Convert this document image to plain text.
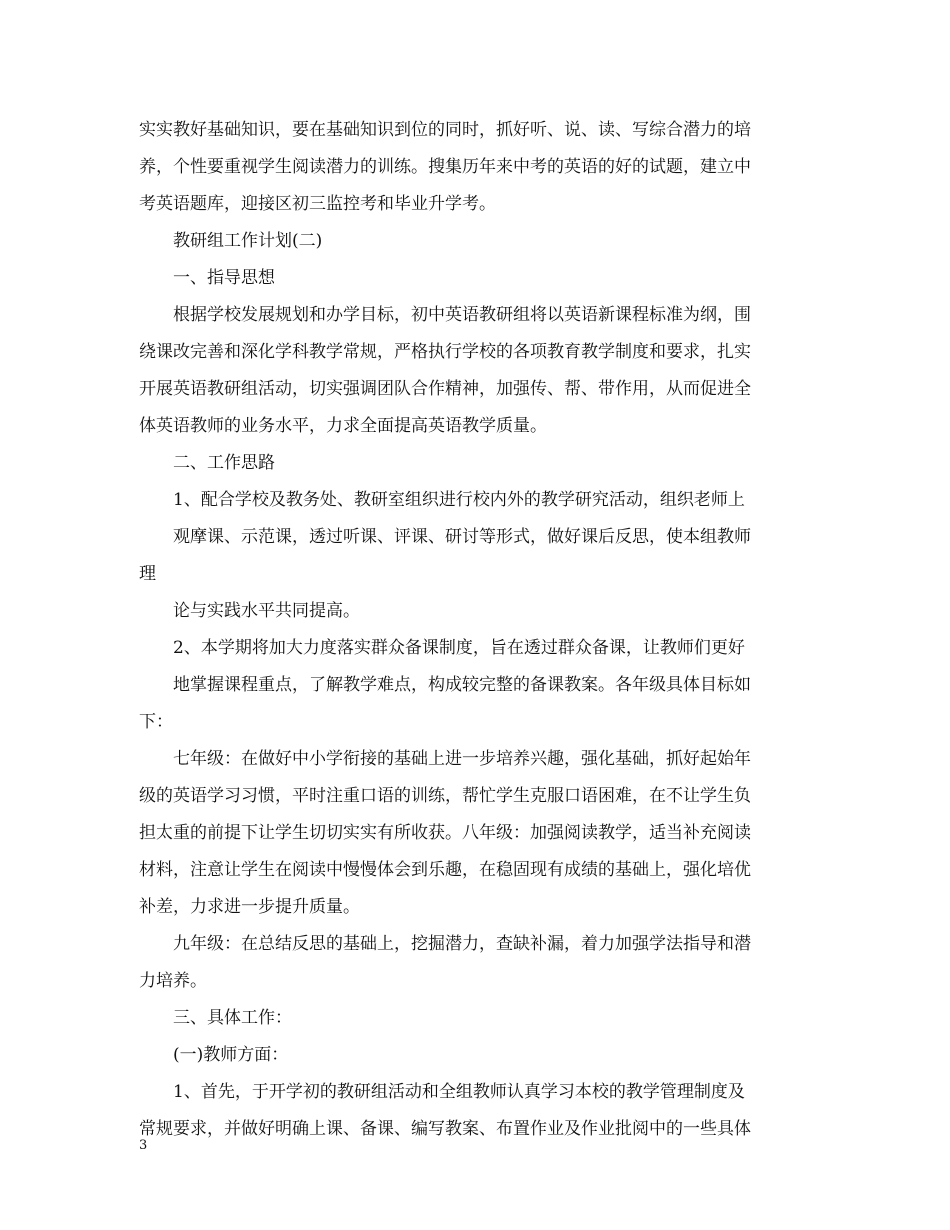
实实教好基础知识，要在基础知识到位的同时，抓好听、说、读、写综合潜力的培
养，个性要重视学生阅读潜力的训练。搜集历年来中考的英语的好的试题，建立中
考英语题库，迎接区初三监控考和毕业升学考。
教研组工作计划(二)
一、指导思想
根据学校发展规划和办学目标，初中英语教研组将以英语新课程标准为纲，围
绕课改完善和深化学科教学常规，严格执行学校的各项教育教学制度和要求，扎实
开展英语教研组活动，切实强调团队合作精神，加强传、帮、带作用，从而促进全
体英语教师的业务水平，力求全面提高英语教学质量。
二、工作思路
1、配合学校及教务处、教研室组织进行校内外的教学研究活动，组织老师上
观摩课、示范课，透过听课、评课、研讨等形式，做好课后反思，使本组教师
理
论与实践水平共同提高。
2、本学期将加大力度落实群众备课制度，旨在透过群众备课，让教师们更好
地掌握课程重点，了解教学难点，构成较完整的备课教案。各年级具体目标如
下：
七年级：在做好中小学衔接的基础上进一步培养兴趣，强化基础，抓好起始年
级的英语学习习惯，平时注重口语的训练，帮忙学生克服口语困难，在不让学生负
担太重的前提下让学生切切实实有所收获。八年级：加强阅读教学，适当补充阅读
材料，注意让学生在阅读中慢慢体会到乐趣，在稳固现有成绩的基础上，强化培优
补差，力求进一步提升质量。
九年级：在总结反思的基础上，挖掘潜力，查缺补漏，着力加强学法指导和潜
力培养。
三、具体工作：
(一)教师方面：
1、首先，于开学初的教研组活动和全组教师认真学习本校的教学管理制度及
常规要求，并做好明确上课、备课、编写教案、布置作业及作业批阅中的一些具体
3
